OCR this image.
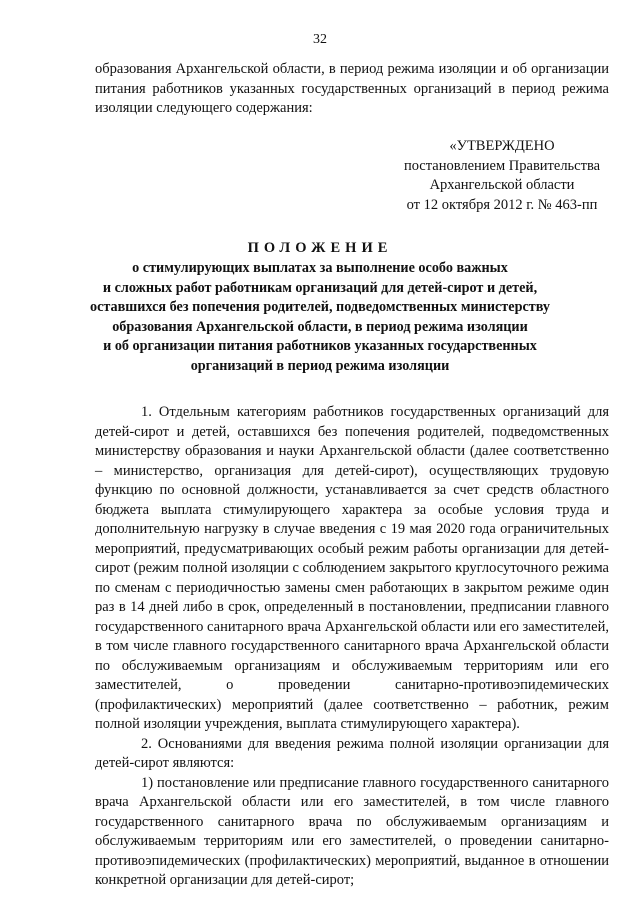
32
образования Архангельской области, в период режима изоляции и об организации питания работников указанных государственных организаций в период режима изоляции следующего содержания:
«УТВЕРЖДЕНО
постановлением Правительства
Архангельской области
от 12 октября 2012 г. № 463-пп
ПОЛОЖЕНИЕ
о стимулирующих выплатах за выполнение особо важных
и сложных работ работникам организаций для детей-сирот и детей,
оставшихся без попечения родителей, подведомственных министерству
образования Архангельской области, в период режима изоляции
и об организации питания работников указанных государственных
организаций в период режима изоляции

1. Отдельным категориям работников государственных организаций для детей-сирот и детей, оставшихся без попечения родителей, подведомственных министерству образования и науки Архангельской области (далее соответственно – министерство, организация для детей-сирот), осуществляющих трудовую функцию по основной должности, устанавливается за счет средств областного бюджета выплата стимулирующего характера за особые условия труда и дополнительную нагрузку в случае введения с 19 мая 2020 года ограничительных мероприятий, предусматривающих особый режим работы организации для детей-сирот (режим полной изоляции с соблюдением закрытого круглосуточного режима по сменам с периодичностью замены смен работающих в закрытом режиме один раз в 14 дней либо в срок, определенный в постановлении, предписании главного государственного санитарного врача Архангельской области или его заместителей, в том числе главного государственного санитарного врача Архангельской области по обслуживаемым организациям и обслуживаемым территориям или его заместителей, о проведении санитарно-противоэпидемических (профилактических) мероприятий (далее соответственно – работник, режим полной изоляции учреждения, выплата стимулирующего характера).

2. Основаниями для введения режима полной изоляции организации для детей-сирот являются:

1) постановление или предписание главного государственного санитарного врача Архангельской области или его заместителей, в том числе главного государственного санитарного врача по обслуживаемым организациям и обслуживаемым территориям или его заместителей, о проведении санитарно-противоэпидемических (профилактических) мероприятий, выданное в отношении конкретной организации для детей-сирот;
